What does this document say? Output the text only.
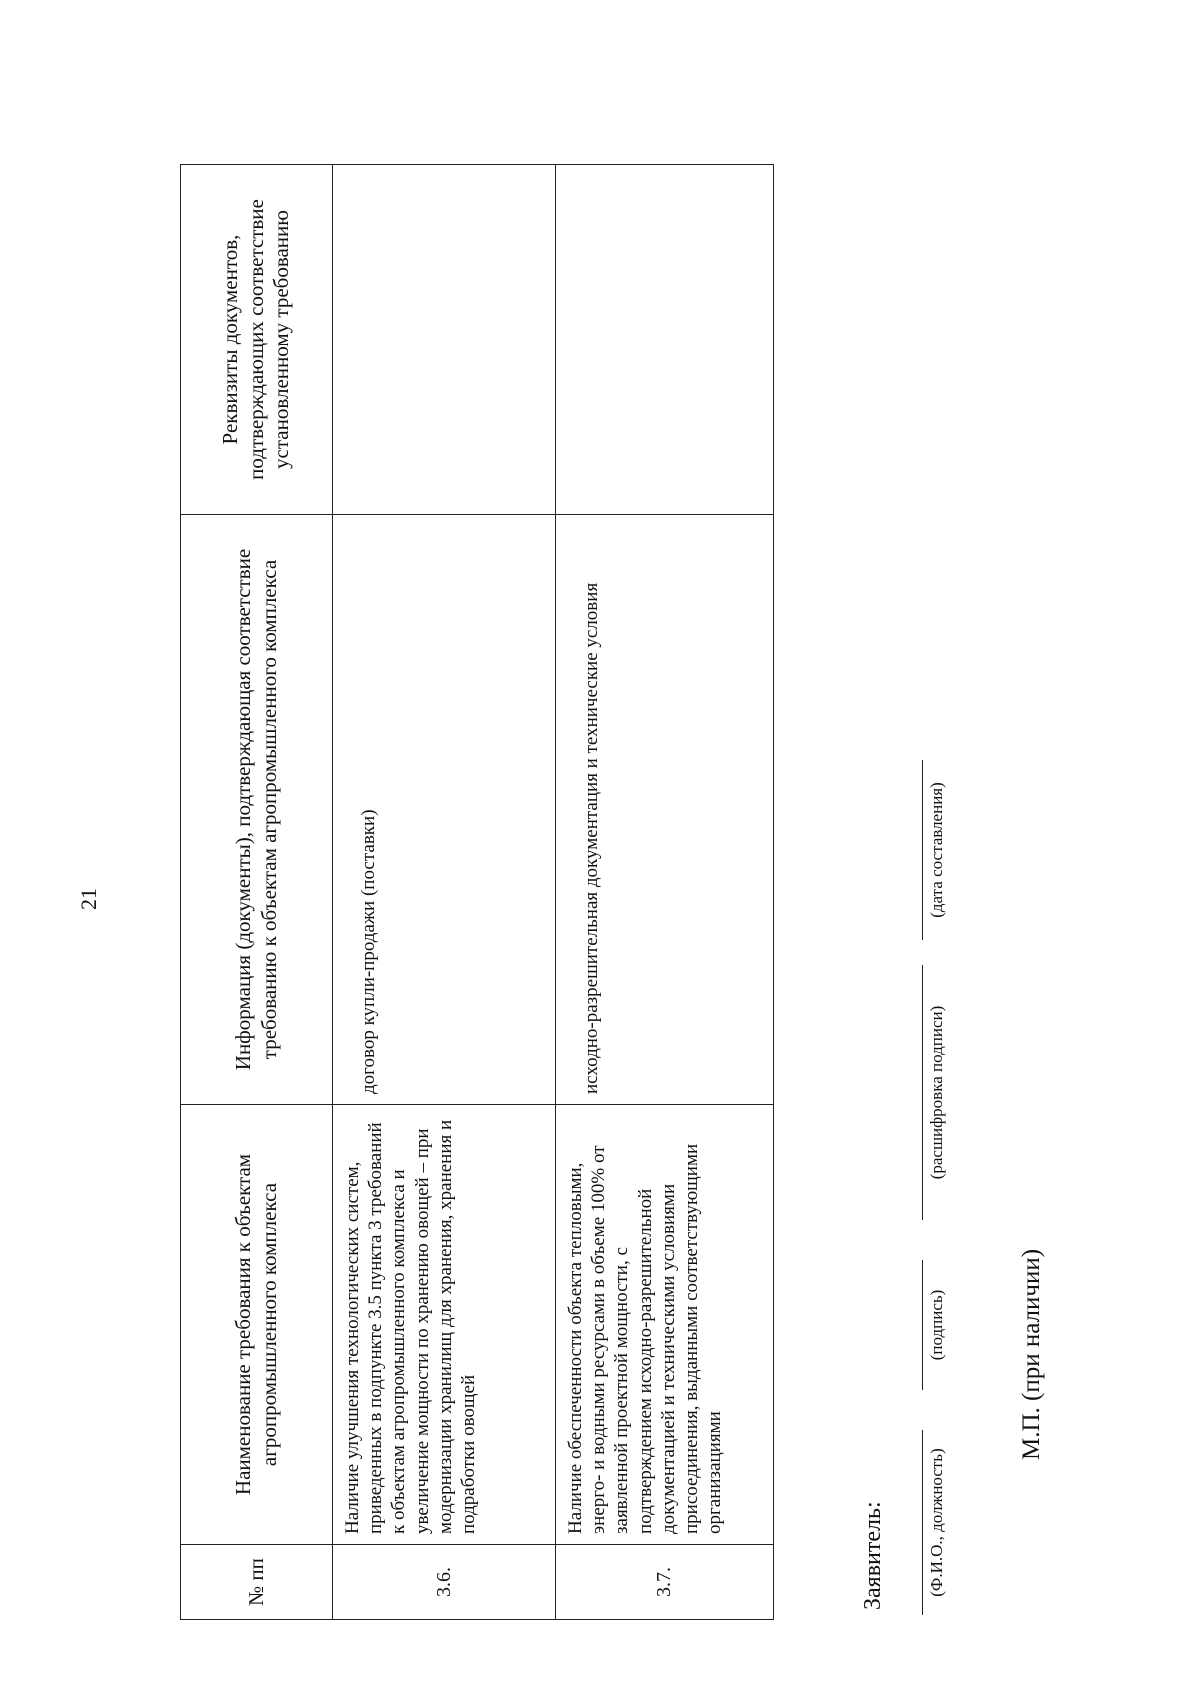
21
№ пп	Наименование требования к объектам агропромышленного комплекса	Информация (документы), подтверждающая соответствие требованию к объектам агропромышленного комплекса	Реквизиты документов, подтверждающих соответствие установленному требованию
3.6.	Наличие улучшения технологических систем, приведенных в подпункте 3.5 пункта 3 требований к объектам агропромышленного комплекса и увеличение мощности по хранению овощей – при модернизации хранилищ для хранения, хранения и подработки овощей	договор купли-продажи (поставки)	
3.7.	Наличие обеспеченности объекта тепловыми, энерго- и водными ресурсами в объеме 100% от заявленной проектной мощности, с подтверждением исходно-разрешительной документацией и техническими условиями присоединения, выданными соответствующими организациями	исходно-разрешительная документация и технические условия	
Заявитель: (Ф.И.О., должность)
(подпись)
(расшифровка подписи)
(дата составления)
М.П. (при наличии)
